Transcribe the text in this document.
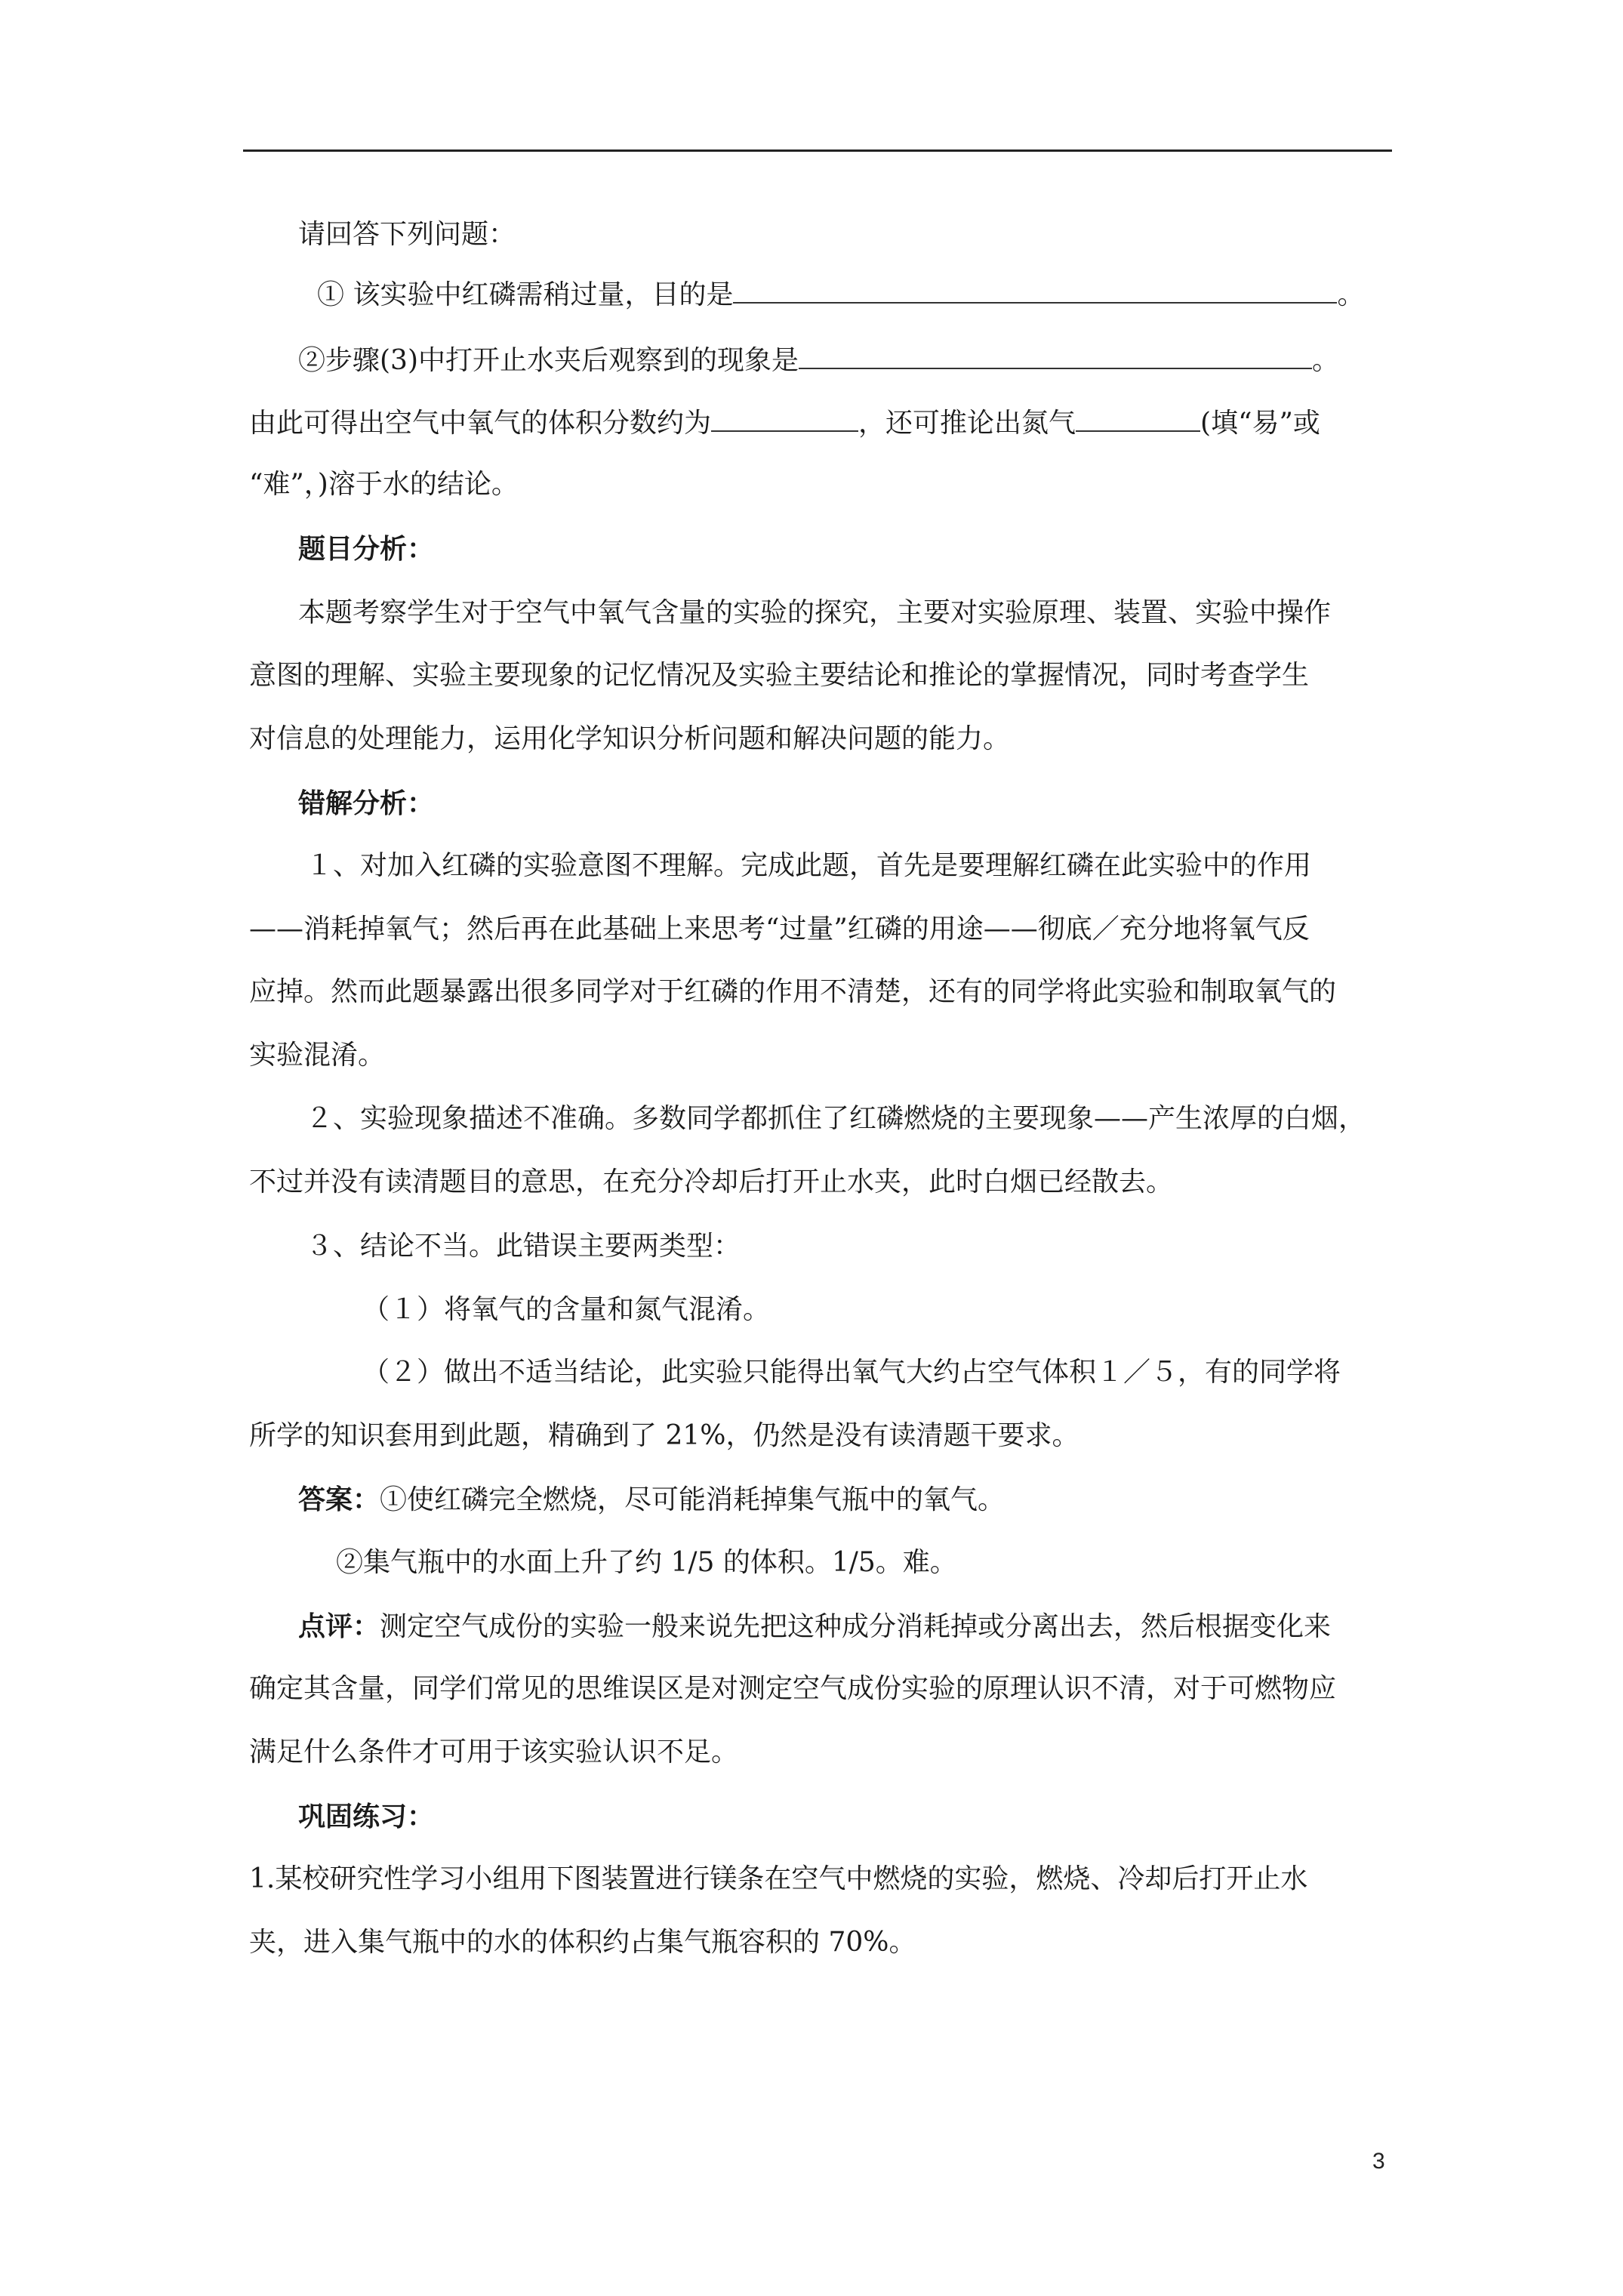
请回答下列问题：
① 该实验中红磷需稍过量，目的是	。
②步骤(3)中打开止水夹后观察到的现象是	。
由此可得出空气中氧气的体积分数约为	，还可推论出氮气	(填“易”或
“难”，)溶于水的结论。
题目分析：
本题考察学生对于空气中氧气含量的实验的探究，主要对实验原理、装置、实验中操作
意图的理解、实验主要现象的记忆情况及实验主要结论和推论的掌握情况，同时考查学生
对信息的处理能力，运用化学知识分析问题和解决问题的能力。
错解分析：
１、对加入红磷的实验意图不理解。完成此题，首先是要理解红磷在此实验中的作用
——消耗掉氧气；然后再在此基础上来思考“过量”红磷的用途——彻底／充分地将氧气反
应掉。然而此题暴露出很多同学对于红磷的作用不清楚，还有的同学将此实验和制取氧气的
实验混淆。
２、实验现象描述不准确。多数同学都抓住了红磷燃烧的主要现象——产生浓厚的白烟，
不过并没有读清题目的意思，在充分冷却后打开止水夹，此时白烟已经散去。
３、结论不当。此错误主要两类型：
（１）将氧气的含量和氮气混淆。
（２）做出不适当结论，此实验只能得出氧气大约占空气体积１／５，有的同学将
所学的知识套用到此题，精确到了 21%，仍然是没有读清题干要求。
答案：①使红磷完全燃烧，尽可能消耗掉集气瓶中的氧气。
②集气瓶中的水面上升了约 1/5 的体积。1/5。难。
点评：测定空气成份的实验一般来说先把这种成分消耗掉或分离出去，然后根据变化来
确定其含量，同学们常见的思维误区是对测定空气成份实验的原理认识不清，对于可燃物应
满足什么条件才可用于该实验认识不足。
巩固练习：
1.某校研究性学习小组用下图装置进行镁条在空气中燃烧的实验，燃烧、冷却后打开止水
夹，进入集气瓶中的水的体积约占集气瓶容积的 70%。
3
